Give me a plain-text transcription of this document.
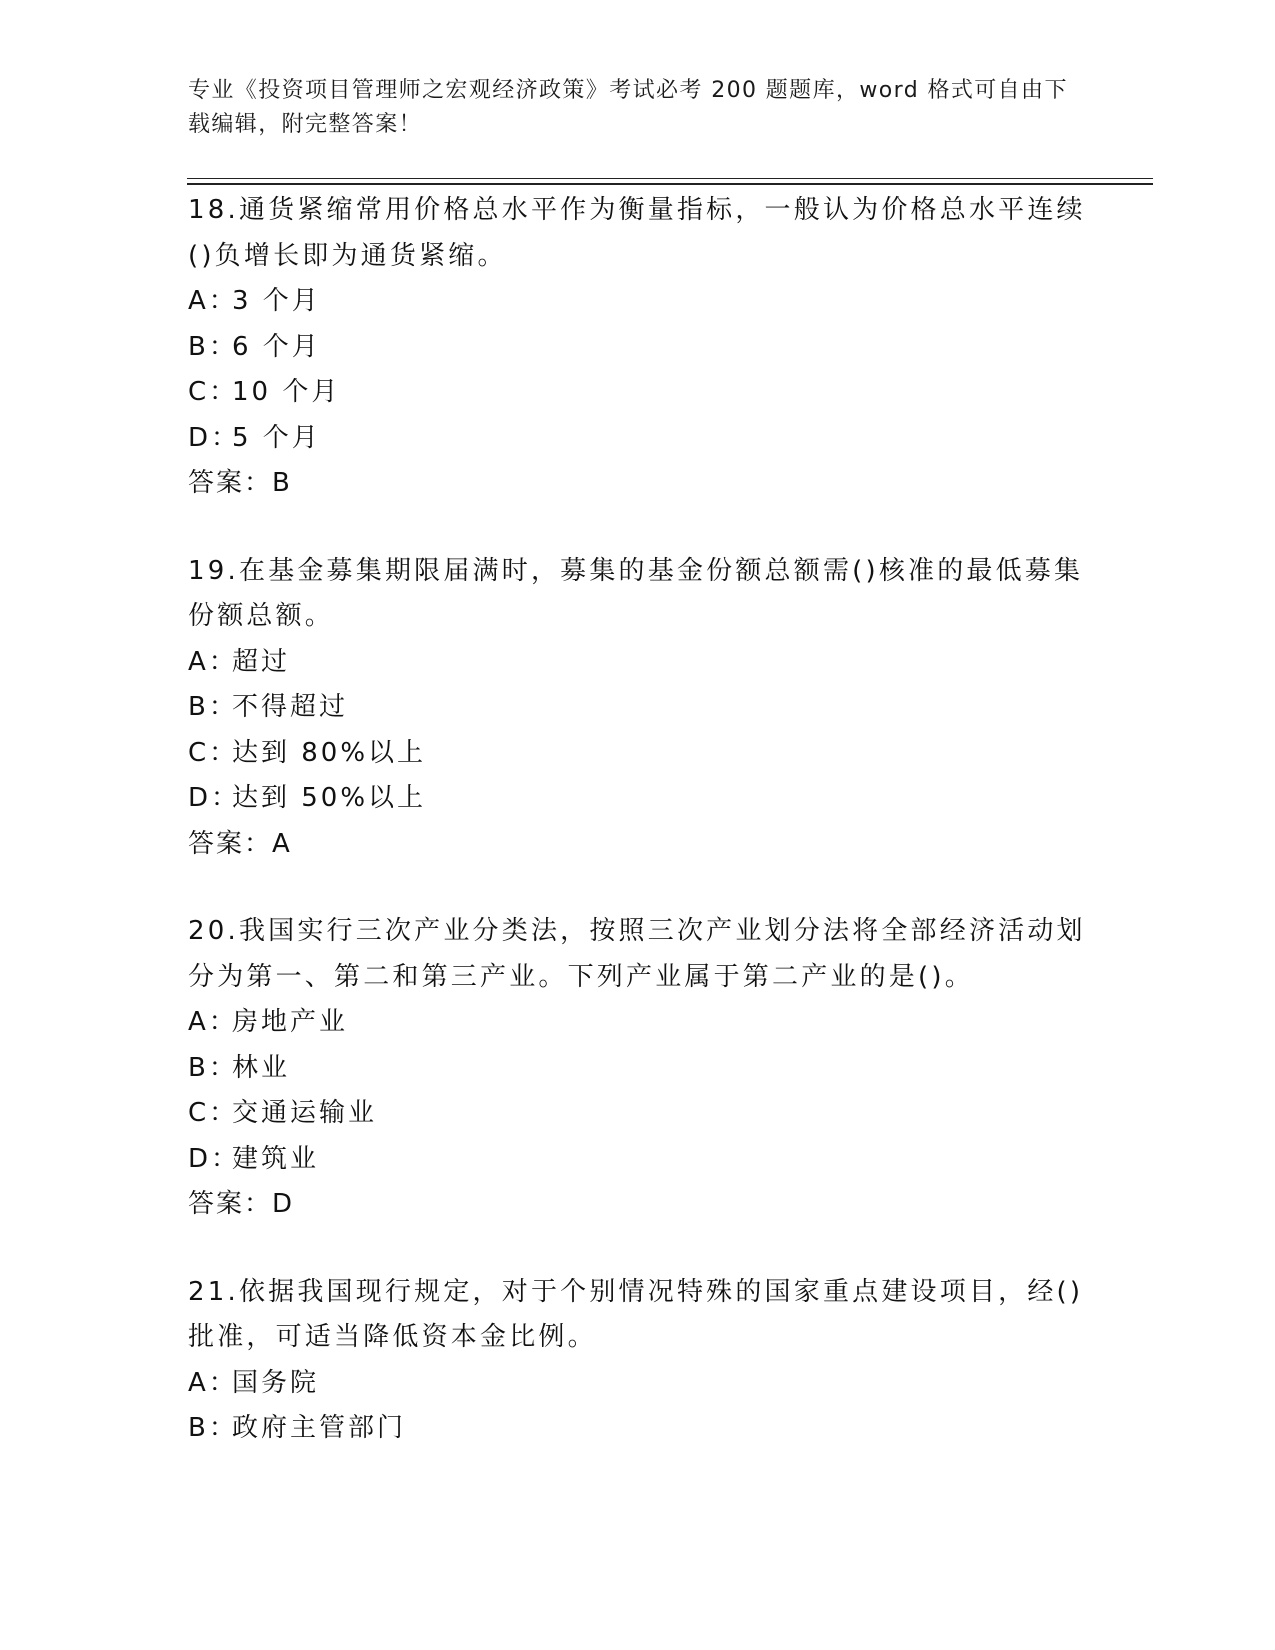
专业《投资项目管理师之宏观经济政策》考试必考 200 题题库，word 格式可自由下载编辑，附完整答案！

18.通货紧缩常用价格总水平作为衡量指标，一般认为价格总水平连续()负增长即为通货紧缩。

A：3 个月

B：6 个月

C：10 个月

D：5 个月

答案：B

19.在基金募集期限届满时，募集的基金份额总额需()核准的最低募集份额总额。

A：超过

B：不得超过

C：达到 80%以上

D：达到 50%以上

答案：A

20.我国实行三次产业分类法，按照三次产业划分法将全部经济活动划分为第一、第二和第三产业。下列产业属于第二产业的是()。

A：房地产业

B：林业

C：交通运输业

D：建筑业

答案：D

21.依据我国现行规定，对于个别情况特殊的国家重点建设项目，经()批准，可适当降低资本金比例。

A：国务院

B：政府主管部门
